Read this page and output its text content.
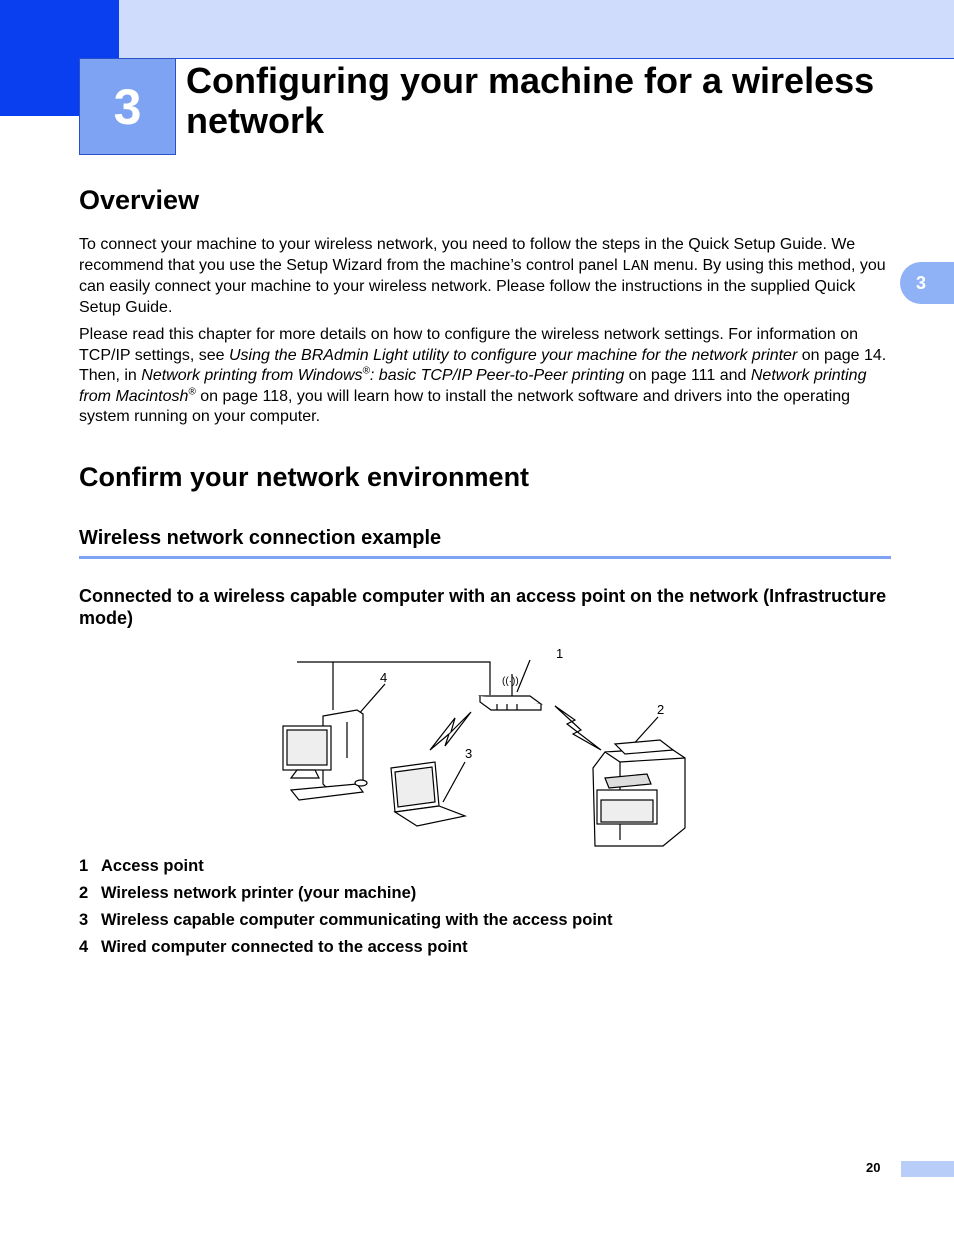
3	Configuring your machine for a wireless network
3
Overview

To connect your machine to your wireless network, you need to follow the steps in the Quick Setup Guide. We recommend that you use the Setup Wizard from the machine’s control panel LAN menu. By using this method, you can easily connect your machine to your wireless network. Please follow the instructions in the supplied Quick Setup Guide.

Please read this chapter for more details on how to configure the wireless network settings. For information on TCP/IP settings, see Using the BRAdmin Light utility to configure your machine for the network printer on page 14. Then, in Network printing from Windows®: basic TCP/IP Peer-to-Peer printing on page 111 and Network printing from Macintosh® on page 118, you will learn how to install the network software and drivers into the operating system running on your computer.

Confirm your network environment
Wireless network connection example
Connected to a wireless capable computer with an access point on the network (Infrastructure mode)
((·))
1
2
3
4
1 Access point
2 Wireless network printer (your machine)
3 Wireless capable computer communicating with the access point
4 Wired computer connected to the access point
20
